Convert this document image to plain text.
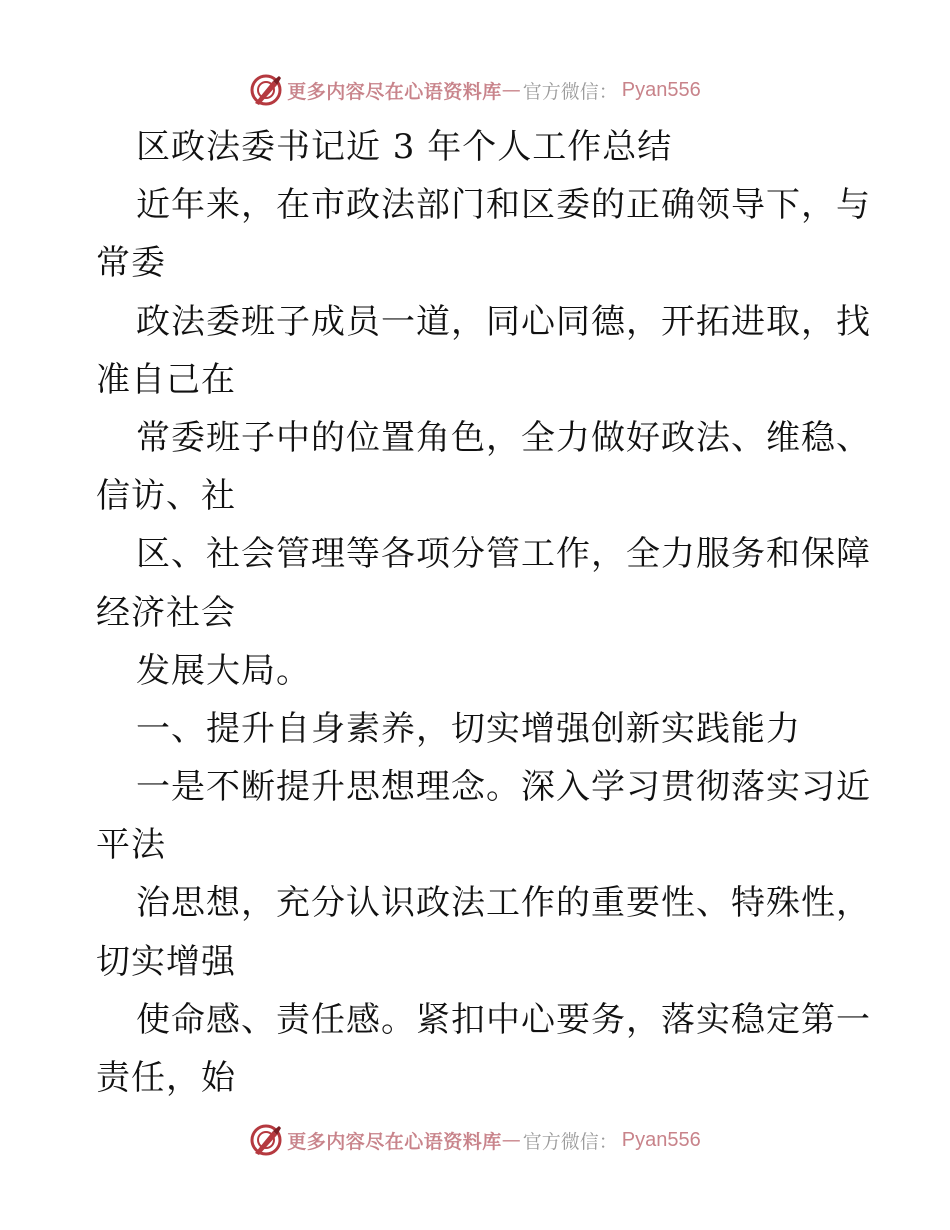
更多内容尽在心语资料库 — 官方微信 ： Pyan556
区政法委书记近 3 年个人工作总结
近年来，在市政法部门和区委的正确领导下，与
常委
政法委班子成员一道，同心同德，开拓进取，找
准自己在
常委班子中的位置角色，全力做好政法、维稳、
信访、社
区、社会管理等各项分管工作，全力服务和保障
经济社会
发展大局。
一、提升自身素养，切实增强创新实践能力
一是不断提升思想理念。深入学习贯彻落实习近
平法
治思想，充分认识政法工作的重要性、特殊性，
切实增强
使命感、责任感。紧扣中心要务，落实稳定第一
责任，始
更多内容尽在心语资料库 — 官方微信 ： Pyan556
